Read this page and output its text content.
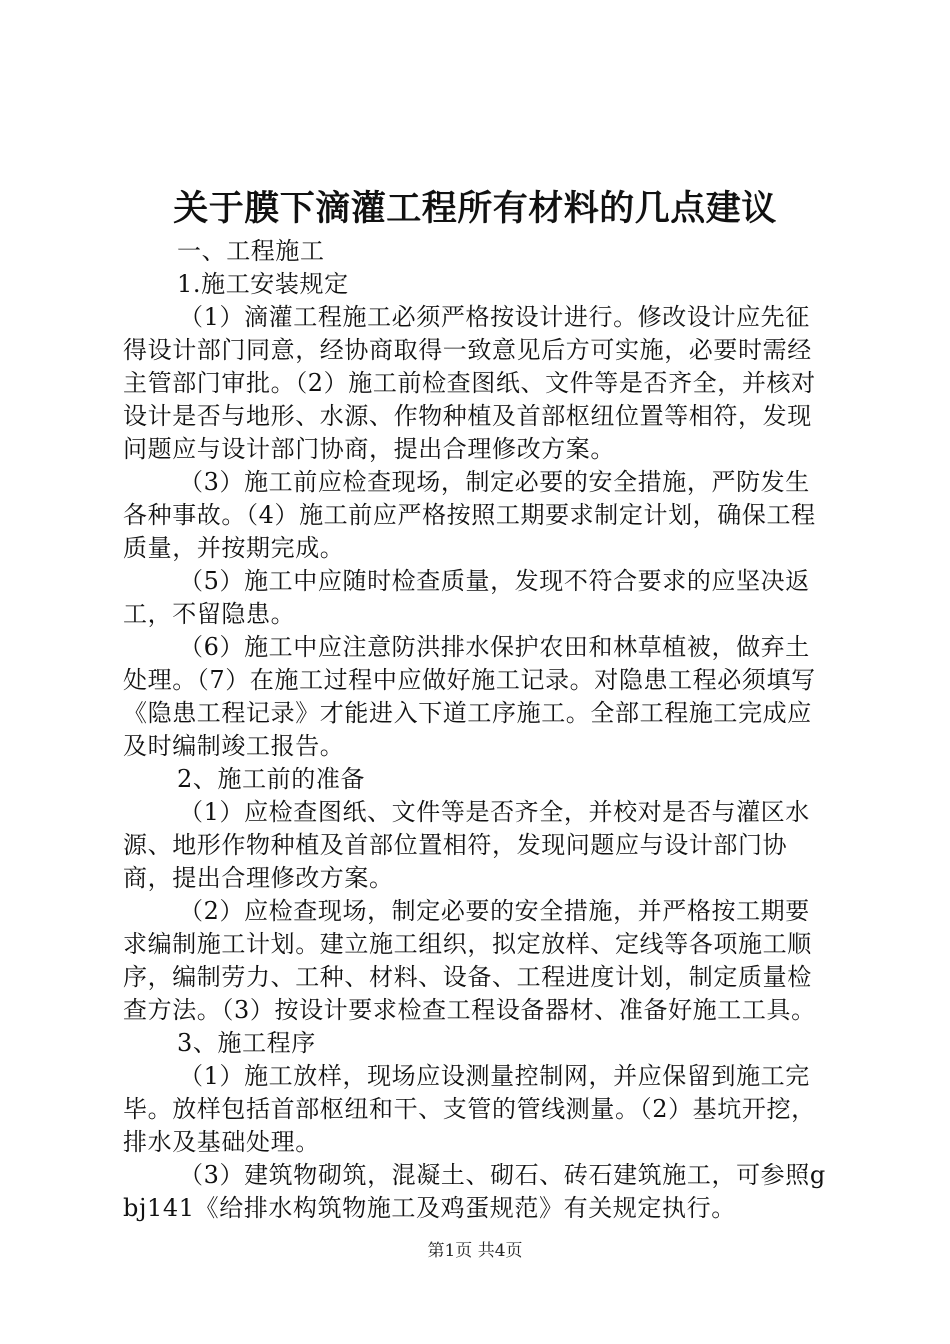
关于膜下滴灌工程所有材料的几点建议

一、工程施工

1.施工安装规定

（1）滴灌工程施工必须严格按设计进行。修改设计应先征得设计部门同意，经协商取得一致意见后方可实施，必要时需经主管部门审批。（2）施工前检查图纸、文件等是否齐全，并核对设计是否与地形、水源、作物种植及首部枢纽位置等相符，发现问题应与设计部门协商，提出合理修改方案。

（3）施工前应检查现场，制定必要的安全措施，严防发生各种事故。（4）施工前应严格按照工期要求制定计划，确保工程质量，并按期完成。

（5）施工中应随时检查质量，发现不符合要求的应坚决返工，不留隐患。

（6）施工中应注意防洪排水保护农田和林草植被，做弃土处理。（7）在施工过程中应做好施工记录。对隐患工程必须填写《隐患工程记录》才能进入下道工序施工。全部工程施工完成应及时编制竣工报告。

2、施工前的准备

（1）应检查图纸、文件等是否齐全，并校对是否与灌区水源、地形作物种植及首部位置相符，发现问题应与设计部门协商，提出合理修改方案。

（2）应检查现场，制定必要的安全措施，并严格按工期要求编制施工计划。建立施工组织，拟定放样、定线等各项施工顺序，编制劳力、工种、材料、设备、工程进度计划，制定质量检查方法。（3）按设计要求检查工程设备器材、准备好施工工具。

3、施工程序

（1）施工放样，现场应设测量控制网，并应保留到施工完毕。放样包括首部枢纽和干、支管的管线测量。（2）基坑开挖，排水及基础处理。

（3）建筑物砌筑，混凝土、砌石、砖石建筑施工，可参照gbj141《给排水构筑物施工及鸡蛋规范》有关规定执行。

第1页 共4页
